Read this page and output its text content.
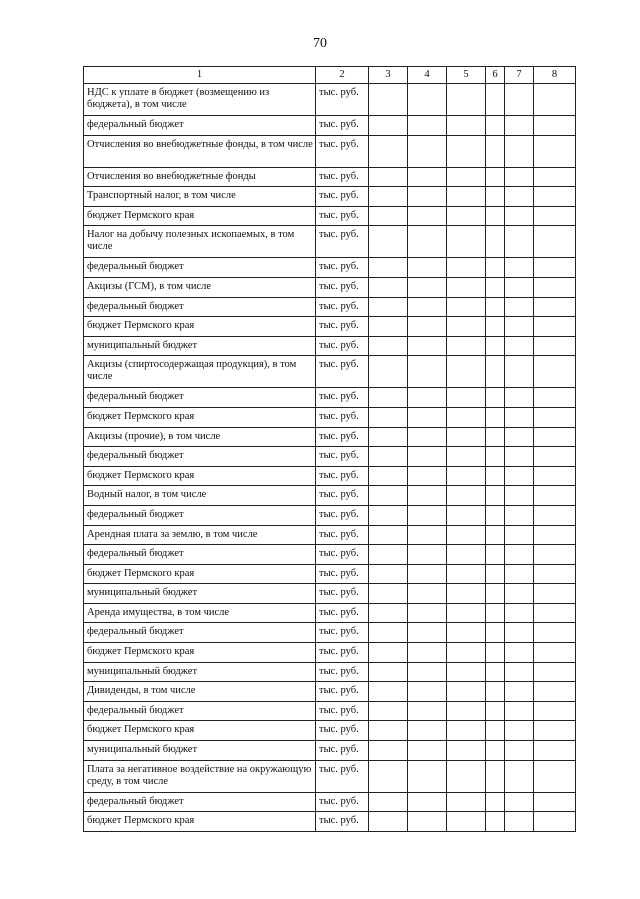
70
1	2	3	4	5	6	7	8
НДС к уплате в бюджет (возмещению из бюджета), в том числе	тыс. руб.						
федеральный бюджет	тыс. руб.						
Отчисления во внебюджетные фонды, в том числе	тыс. руб.						
Отчисления во внебюджетные фонды	тыс. руб.						
Транспортный налог, в том числе	тыс. руб.						
бюджет Пермского края	тыс. руб.						
Налог на добычу полезных ископаемых, в том числе	тыс. руб.						
федеральный бюджет	тыс. руб.						
Акцизы (ГСМ), в том числе	тыс. руб.						
федеральный бюджет	тыс. руб.						
бюджет Пермского края	тыс. руб.						
муниципальный бюджет	тыс. руб.						
Акцизы (спиртосодержащая продукция), в том числе	тыс. руб.						
федеральный бюджет	тыс. руб.						
бюджет Пермского края	тыс. руб.						
Акцизы (прочие), в том числе	тыс. руб.						
федеральный бюджет	тыс. руб.						
бюджет Пермского края	тыс. руб.						
Водный налог, в том числе	тыс. руб.						
федеральный бюджет	тыс. руб.						
Арендная плата за землю, в том числе	тыс. руб.						
федеральный бюджет	тыс. руб.						
бюджет Пермского края	тыс. руб.						
муниципальный бюджет	тыс. руб.						
Аренда имущества, в том числе	тыс. руб.						
федеральный бюджет	тыс. руб.						
бюджет Пермского края	тыс. руб.						
муниципальный бюджет	тыс. руб.						
Дивиденды, в том числе	тыс. руб.						
федеральный бюджет	тыс. руб.						
бюджет Пермского края	тыс. руб.						
муниципальный бюджет	тыс. руб.						
Плата за негативное воздействие на окружающую среду, в том числе	тыс. руб.						
федеральный бюджет	тыс. руб.						
бюджет Пермского края	тыс. руб.						
